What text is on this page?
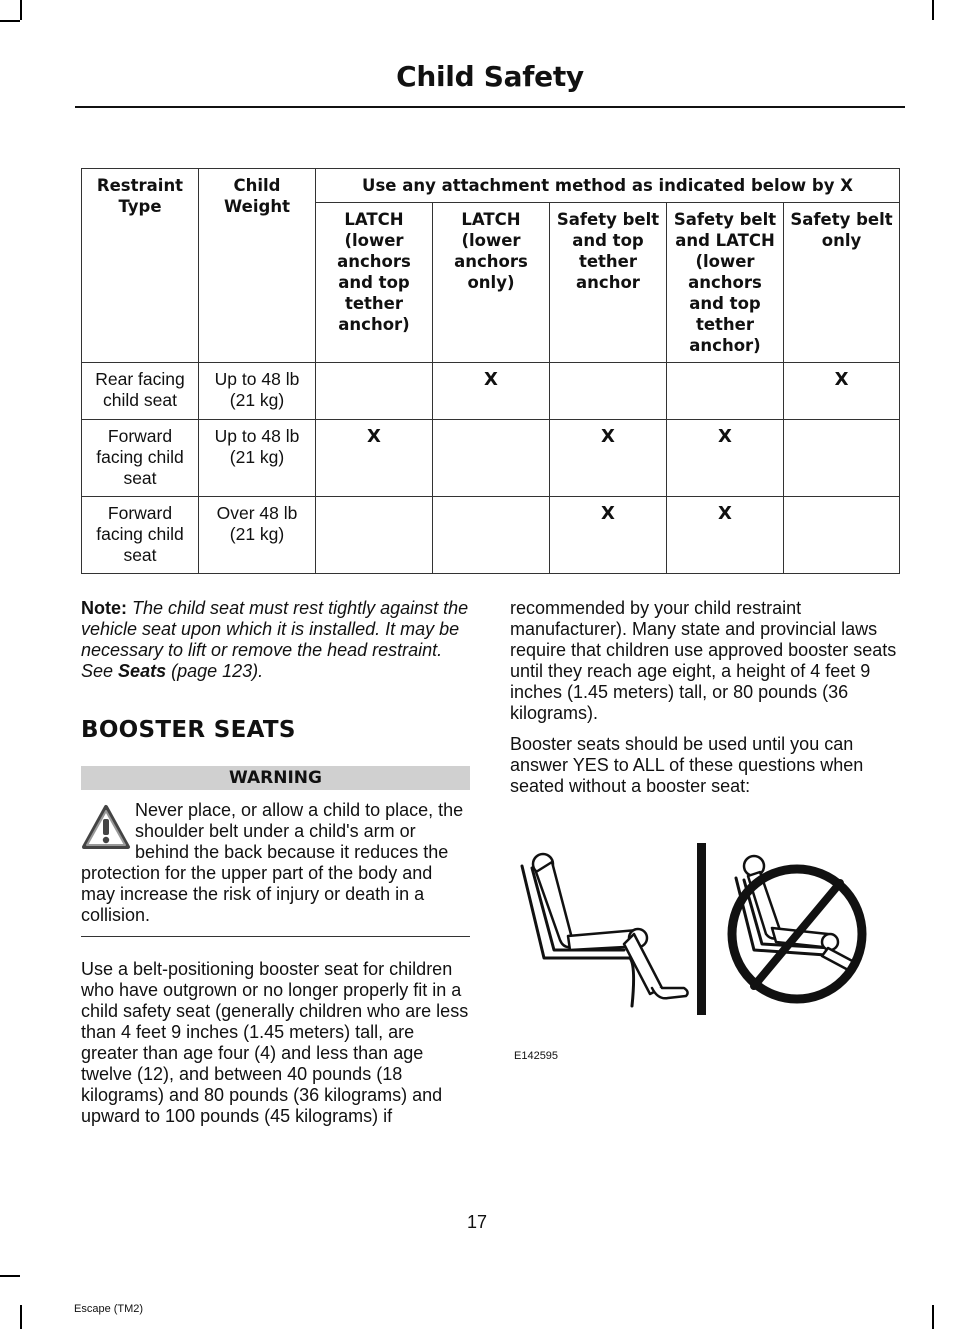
Child Safety
Restraint Type	Child Weight	Use any attachment method as indicated below by X				
		LATCH (lower anchors and top tether anchor)	LATCH (lower anchors only)	Safety belt and top tether anchor	Safety belt and LATCH (lower anchors and top tether anchor)	Safety belt only
Rear facing child seat	Up to 48 lb (21 kg)		X			X
Forward facing child seat	Up to 48 lb (21 kg)	X		X	X	
Forward facing child seat	Over 48 lb (21 kg)			X	X	

Note: The child seat must rest tightly against the vehicle seat upon which it is installed. It may be necessary to lift or remove the head restraint. See Seats (page 123).

BOOSTER SEATS
WARNING
Never place, or allow a child to place, the shoulder belt under a child's arm or behind the back because it reduces the protection for the upper part of the body and may increase the risk of injury or death in a collision.

Use a belt-positioning booster seat for children who have outgrown or no longer properly fit in a child safety seat (generally children who are less than 4 feet 9 inches (1.45 meters) tall, are greater than age four (4) and less than age twelve (12), and between 40 pounds (18 kilograms) and 80 pounds (36 kilograms) and upward to 100 pounds (45 kilograms) if

recommended by your child restraint manufacturer). Many state and provincial laws require that children use approved booster seats until they reach age eight, a height of 4 feet 9 inches (1.45 meters) tall, or 80 pounds (36 kilograms).

Booster seats should be used until you can answer YES to ALL of these questions when seated without a booster seat:

E142595
17
Escape (TM2)
